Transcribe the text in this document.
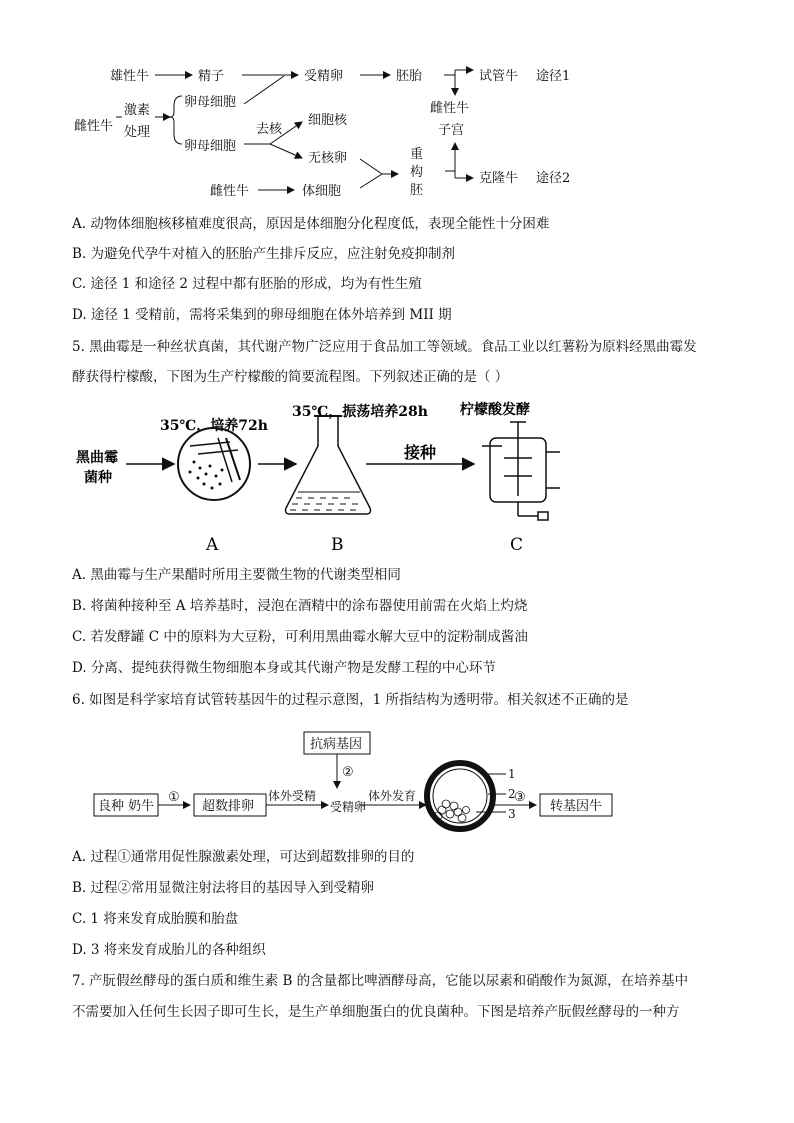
雄性牛	精子	受精卵	胚胎	试管牛 途径1
雌性牛
激素
处理
卵母细胞
卵母细胞
去核
细胞核
无核卵
雌性牛
子宫
重
构
胚
克隆牛 途径2
雌性牛	体细胞
A. 动物体细胞核移植难度很高，原因是体细胞分化程度低，表现全能性十分困难
B. 为避免代孕牛对植入的胚胎产生排斥反应，应注射免疫抑制剂
C. 途径 1 和途径 2 过程中都有胚胎的形成，均为有性生殖
D. 途径 1 受精前，需将采集到的卵母细胞在体外培养到 MII 期
5. 黑曲霉是一种丝状真菌，其代谢产物广泛应用于食品加工等领域。食品工业以红薯粉为原料经黑曲霉发
酵获得柠檬酸，下图为生产柠檬酸的简要流程图。下列叙述正确的是（ ）
35℃，培养72h
35℃，振荡培养28h 柠檬酸发酵
黑曲霉
菌种
接种
A	B	C
A. 黑曲霉与生产果醋时所用主要微生物的代谢类型相同
B. 将菌种接种至 A 培养基时，浸泡在酒精中的涂布器使用前需在火焰上灼烧
C. 若发酵罐 C 中的原料为大豆粉，可利用黑曲霉水解大豆中的淀粉制成酱油
D. 分离、提纯获得微生物细胞本身或其代谢产物是发酵工程的中心环节
6. 如图是科学家培育试管转基因牛的过程示意图，1 所指结构为透明带。相关叙述不正确的是
抗病基因
②
良种 奶牛
①
超数排卵
体外受精
受精卵
体外发育
1
2
3
③
转基因牛
A. 过程①通常用促性腺激素处理，可达到超数排卵的目的
B. 过程②常用显微注射法将目的基因导入到受精卵
C. 1 将来发育成胎膜和胎盘
D. 3 将来发育成胎儿的各种组织
7. 产朊假丝酵母的蛋白质和维生素 B 的含量都比啤酒酵母高，它能以尿素和硝酸作为氮源，在培养基中
不需要加入任何生长因子即可生长，是生产单细胞蛋白的优良菌种。下图是培养产朊假丝酵母的一种方
